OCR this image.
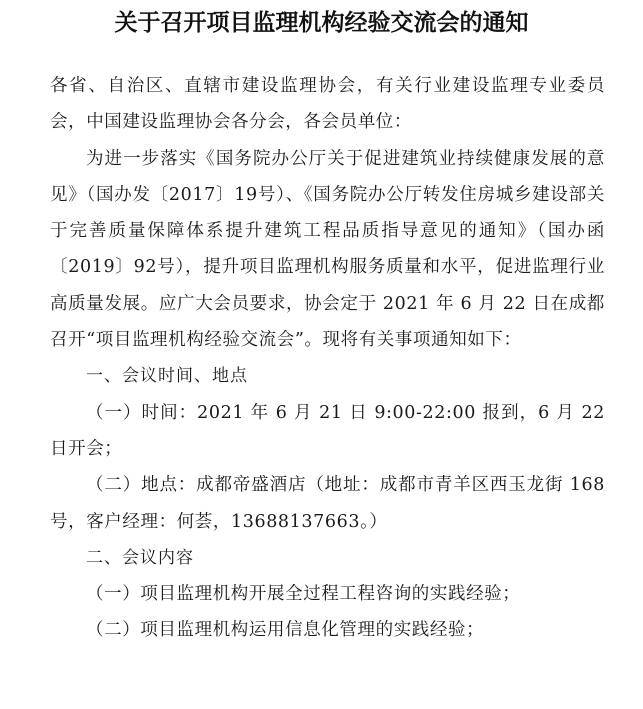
关于召开项目监理机构经验交流会的通知

各省、自治区、直辖市建设监理协会，有关行业建设监理专业委员会，中国建设监理协会各分会，各会员单位：

为进一步落实《国务院办公厅关于促进建筑业持续健康发展的意见》（国办发〔2017〕19号）、《国务院办公厅转发住房城乡建设部关于完善质量保障体系提升建筑工程品质指导意见的通知》（国办函〔2019〕92号），提升项目监理机构服务质量和水平，促进监理行业高质量发展。应广大会员要求，协会定于 2021 年 6 月 22 日在成都召开“项目监理机构经验交流会”。现将有关事项通知如下：

一、会议时间、地点

（一）时间：2021 年 6 月 21 日 9:00-22:00 报到，6 月 22 日开会；

（二）地点：成都帝盛酒店（地址：成都市青羊区西玉龙街 168 号，客户经理：何荟，13688137663。）

二、会议内容

（一）项目监理机构开展全过程工程咨询的实践经验；

（二）项目监理机构运用信息化管理的实践经验；
